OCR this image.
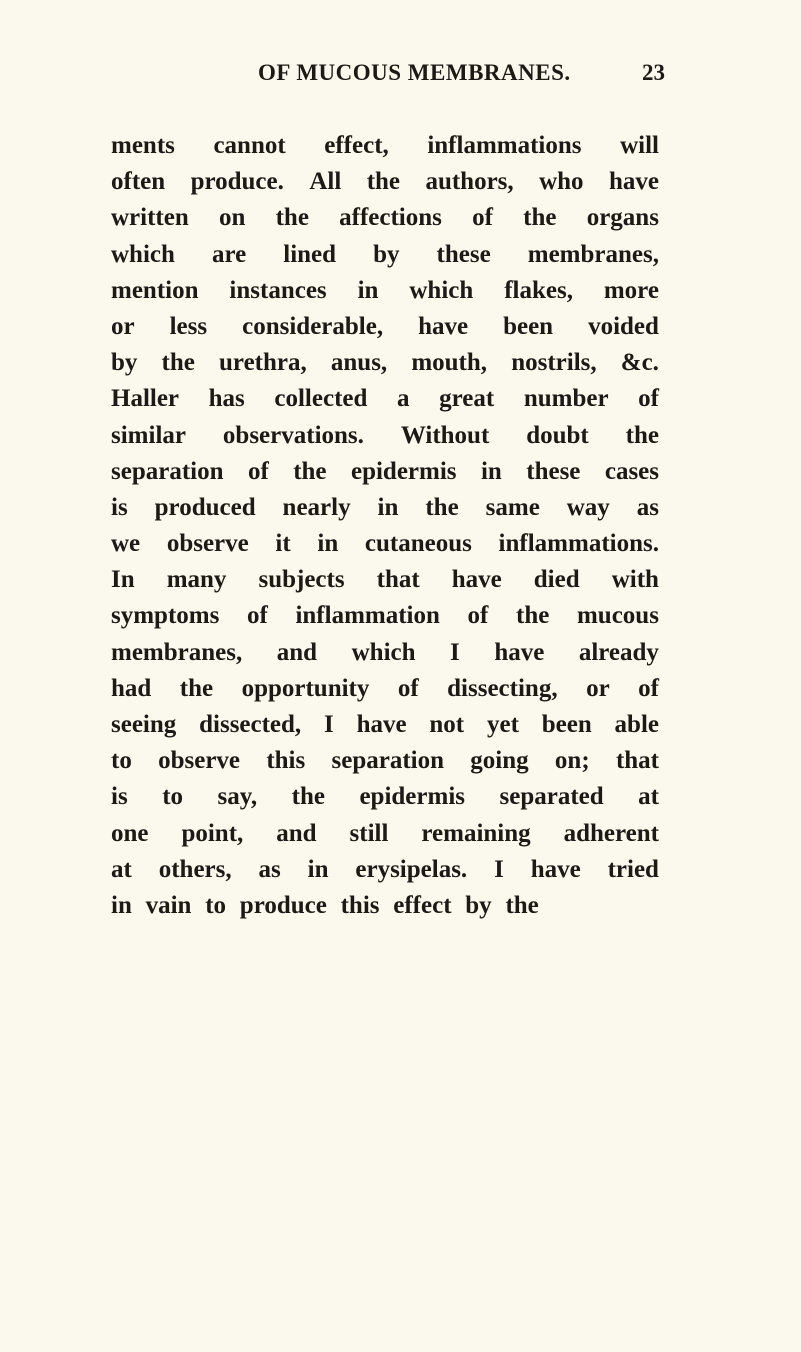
OF MUCOUS MEMBRANES.	23
ments cannot effect, inflammations will
often produce. All the authors, who have
written on the affections of the organs
which are lined by these membranes,
mention instances in which flakes, more
or less considerable, have been voided
by the urethra, anus, mouth, nostrils, &c.
Haller has collected a great number of
similar observations. Without doubt the
separation of the epidermis in these cases
is produced nearly in the same way as
we observe it in cutaneous inflammations.
In many subjects that have died with
symptoms of inflammation of the mucous
membranes, and which I have already
had the opportunity of dissecting, or of
seeing dissected, I have not yet been able
to observe this separation going on; that
is to say, the epidermis separated at
one point, and still remaining adherent
at others, as in erysipelas. I have tried
in vain to produce this effect by the
